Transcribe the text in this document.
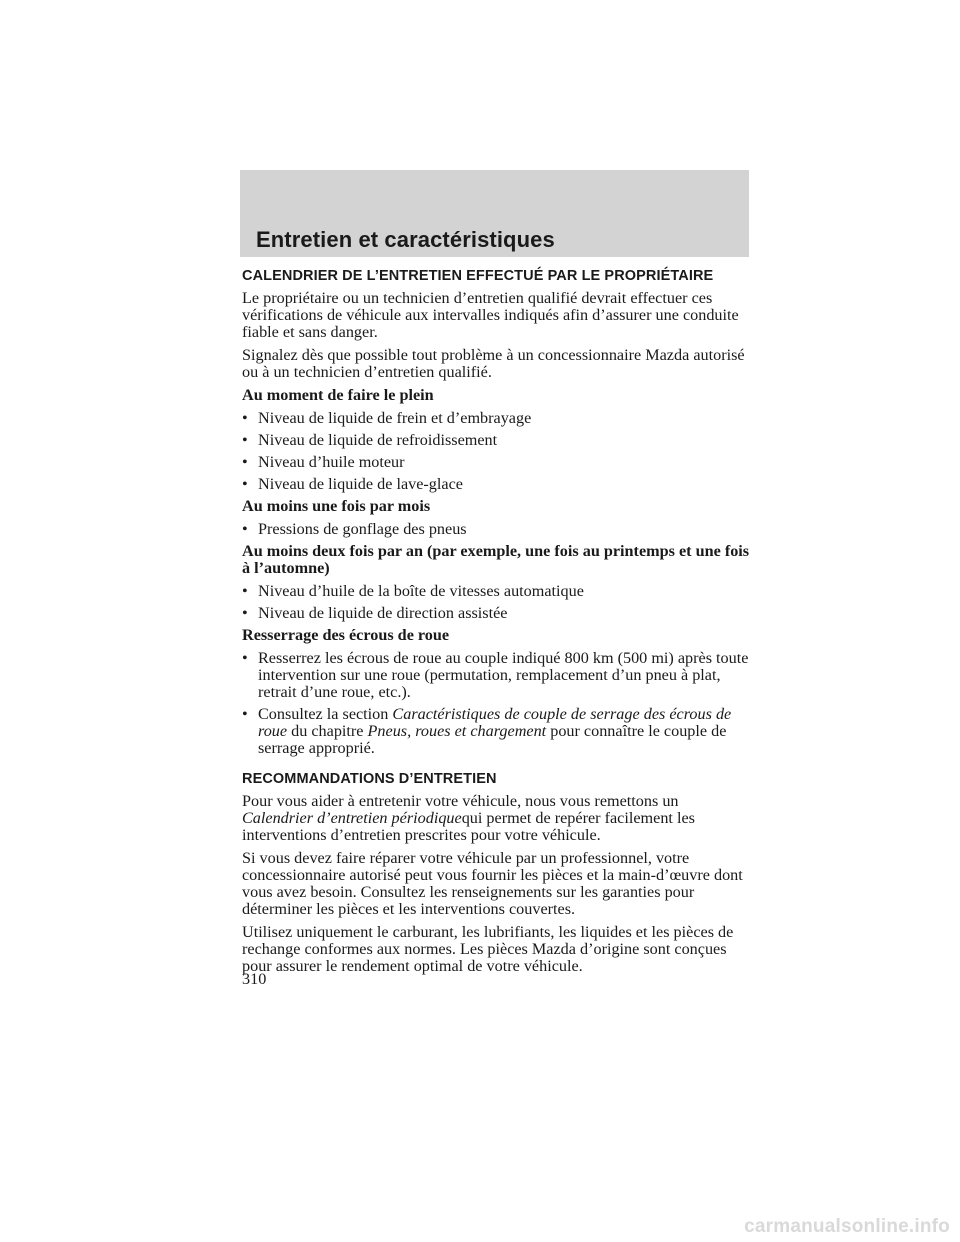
Entretien et caractéristiques
CALENDRIER DE L’ENTRETIEN EFFECTUÉ PAR LE PROPRIÉTAIRE

Le propriétaire ou un technicien d’entretien qualifié devrait effectuer ces vérifications de véhicule aux intervalles indiqués afin d’assurer une conduite fiable et sans danger.

Signalez dès que possible tout problème à un concessionnaire Mazda autorisé ou à un technicien d’entretien qualifié.

Au moment de faire le plein
• Niveau de liquide de frein et d’embrayage
• Niveau de liquide de refroidissement
• Niveau d’huile moteur
• Niveau de liquide de lave-glace
Au moins une fois par mois
• Pressions de gonflage des pneus
Au moins deux fois par an (par exemple, une fois au printemps et une fois à l’automne)
• Niveau d’huile de la boîte de vitesses automatique
• Niveau de liquide de direction assistée
Resserrage des écrous de roue
• Resserrez les écrous de roue au couple indiqué 800 km (500 mi) après toute intervention sur une roue (permutation, remplacement d’un pneu à plat, retrait d’une roue, etc.).
• Consultez la section Caractéristiques de couple de serrage des écrous de roue du chapitre Pneus, roues et chargement pour connaître le couple de serrage approprié.
RECOMMANDATIONS D’ENTRETIEN

Pour vous aider à entretenir votre véhicule, nous vous remettons un Calendrier d’entretien périodiquequi permet de repérer facilement les interventions d’entretien prescrites pour votre véhicule.

Si vous devez faire réparer votre véhicule par un professionnel, votre concessionnaire autorisé peut vous fournir les pièces et la main-d’œuvre dont vous avez besoin. Consultez les renseignements sur les garanties pour déterminer les pièces et les interventions couvertes.

Utilisez uniquement le carburant, les lubrifiants, les liquides et les pièces de rechange conformes aux normes. Les pièces Mazda d’origine sont conçues pour assurer le rendement optimal de votre véhicule.

310
carmanualsonline.info
